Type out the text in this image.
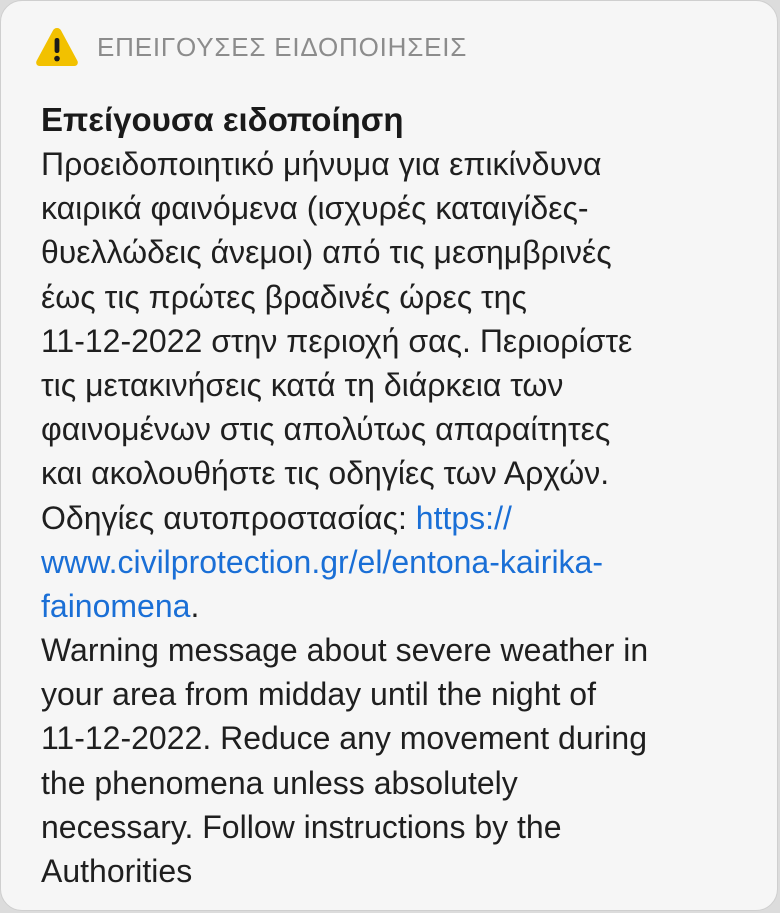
ΕΠΕΙΓΟΥΣΕΣ ΕΙΔΟΠΟΙΗΣΕΙΣ
Επείγουσα ειδοποίηση
Προειδοποιητικό μήνυμα για επικίνδυνα
καιρικά φαινόμενα (ισχυρές καταιγίδες-
θυελλώδεις άνεμοι) από τις μεσημβρινές
έως τις πρώτες βραδινές ώρες της
11-12-2022 στην περιοχή σας. Περιορίστε
τις μετακινήσεις κατά τη διάρκεια των
φαινομένων στις απολύτως απαραίτητες
και ακολουθήστε τις οδηγίες των Αρχών.
Οδηγίες αυτοπροστασίας: https://
www.civilprotection.gr/el/entona-kairika-
fainomena.
Warning message about severe weather in
your area from midday until the night of
11-12-2022. Reduce any movement during
the phenomena unless absolutely
necessary. Follow instructions by the
Authorities
